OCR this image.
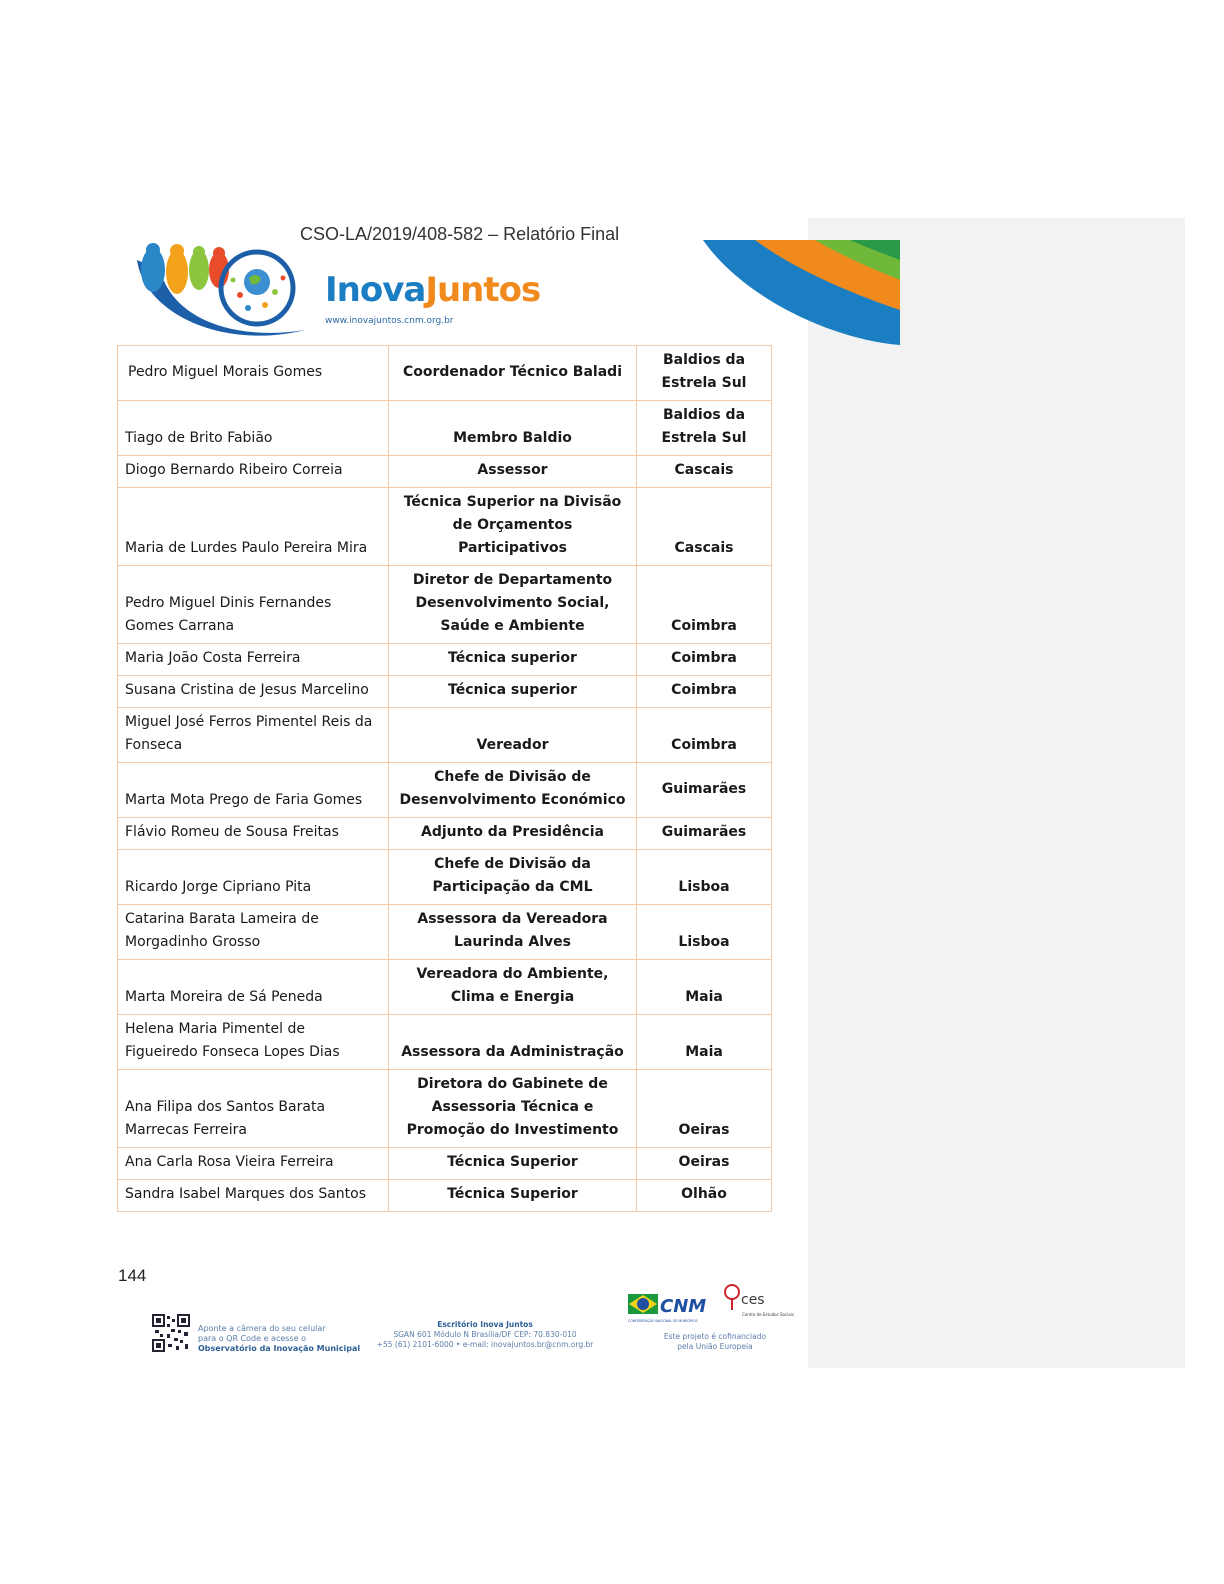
CSO-LA/2019/408-582 – Relatório Final
InovaJuntos
www.inovajuntos.cnm.org.br
Pedro Miguel Morais Gomes	Coordenador Técnico Baladi	Baldios da Estrela Sul
Tiago de Brito Fabião	Membro Baldio	Baldios da Estrela Sul
Diogo Bernardo Ribeiro Correia	Assessor	Cascais
Maria de Lurdes Paulo Pereira Mira	Técnica Superior na Divisão de Orçamentos Participativos	Cascais
Pedro Miguel Dinis Fernandes Gomes Carrana	Diretor de Departamento Desenvolvimento Social, Saúde e Ambiente	Coimbra
Maria João Costa Ferreira	Técnica superior	Coimbra
Susana Cristina de Jesus Marcelino	Técnica superior	Coimbra
Miguel José Ferros Pimentel Reis da Fonseca	Vereador	Coimbra
Marta Mota Prego de Faria Gomes	Chefe de Divisão de Desenvolvimento Económico	Guimarães
Flávio Romeu de Sousa Freitas	Adjunto da Presidência	Guimarães
Ricardo Jorge Cipriano Pita	Chefe de Divisão da Participação da CML	Lisboa
Catarina Barata Lameira de Morgadinho Grosso	Assessora da Vereadora Laurinda Alves	Lisboa
Marta Moreira de Sá Peneda	Vereadora do Ambiente, Clima e Energia	Maia
Helena Maria Pimentel de Figueiredo Fonseca Lopes Dias	Assessora da Administração	Maia
Ana Filipa dos Santos Barata Marrecas Ferreira	Diretora do Gabinete de Assessoria Técnica e Promoção do Investimento	Oeiras
Ana Carla Rosa Vieira Ferreira	Técnica Superior	Oeiras
Sandra Isabel Marques dos Santos	Técnica Superior	Olhão
144
Aponte a câmera do seu celular
para o QR Code e acesse o
Observatório da Inovação Municipal
Escritório Inova Juntos
SGAN 601 Módulo N Brasília/DF CEP: 70.830-010
+55 (61) 2101-6000 • e-mail: inovajuntos.br@cnm.org.br
CNM
CONFEDERAÇÃO NACIONAL DE MUNICÍPIOS
ces
Centro de Estudos Sociais
Este projeto é cofinanciado
pela União Europeia
